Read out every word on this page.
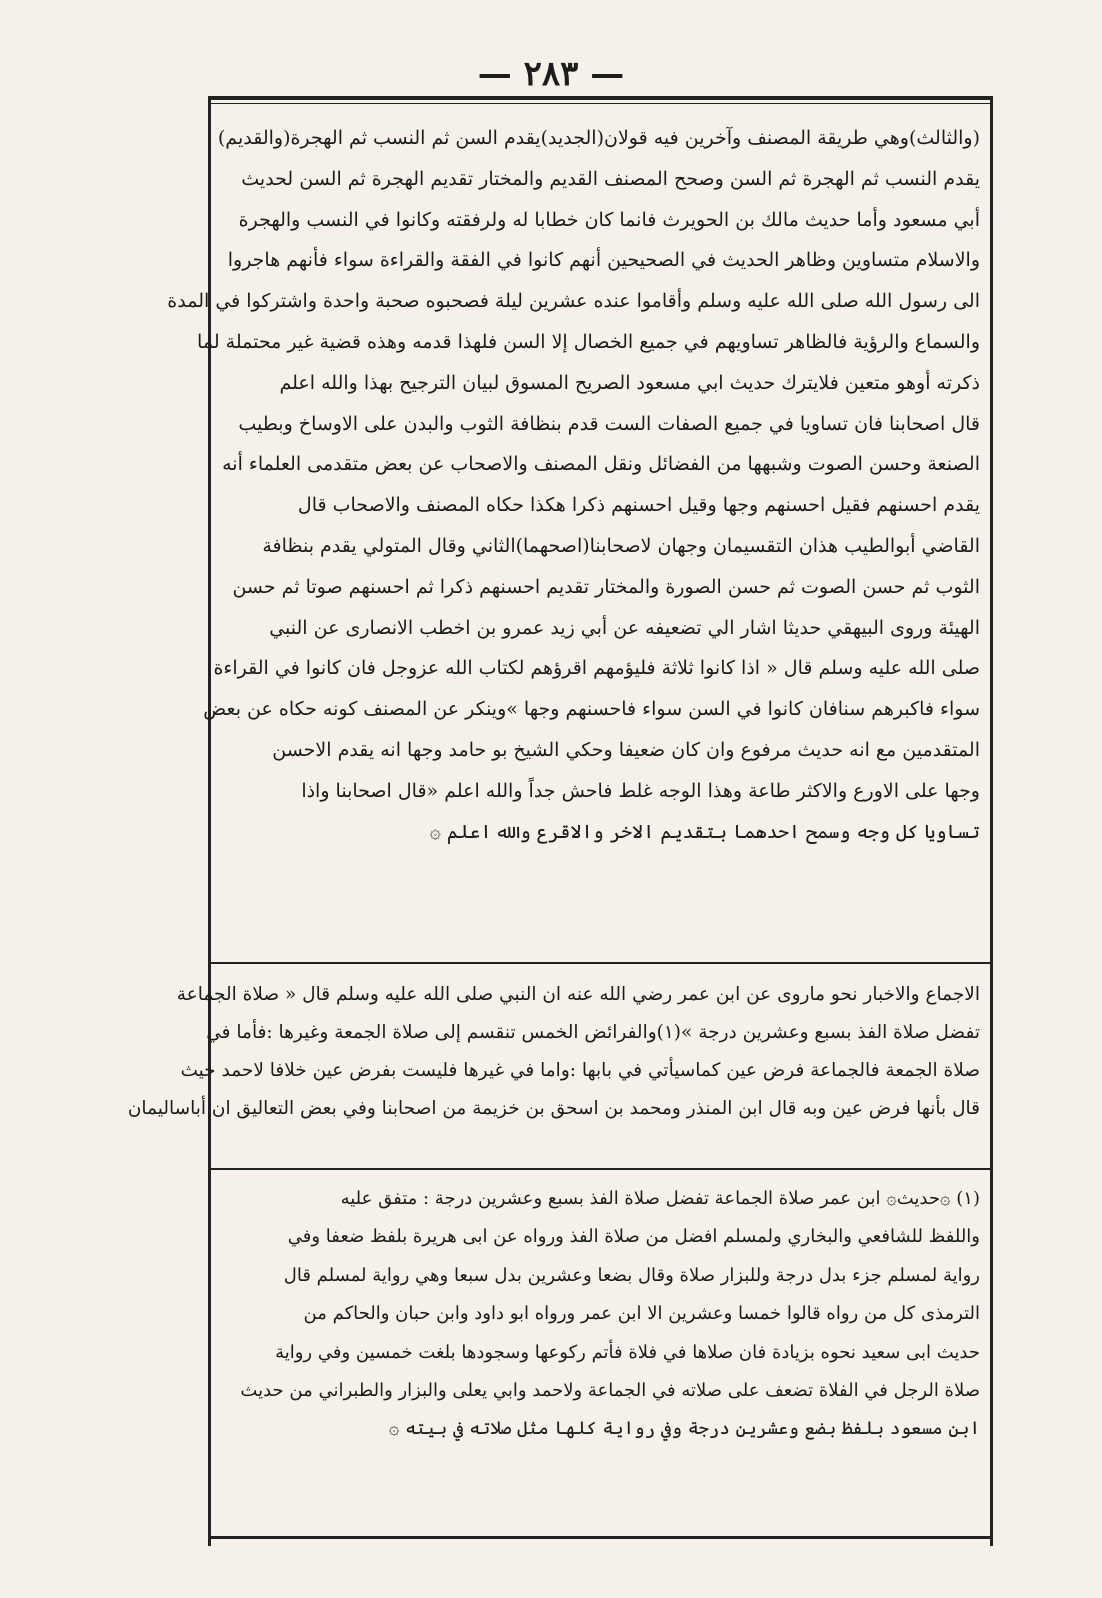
— ٢٨٣ —
(والثالث)وهي طريقة المصنف وآخرين فيه قولان(الجديد)يقدم السن ثم النسب ثم الهجرة(والقديم)
يقدم النسب ثم الهجرة ثم السن وصحح المصنف القديم والمختار تقديم الهجرة ثم السن لحديث
أبي مسعود وأما حديث مالك بن الحويرث فانما كان خطابا له ولرفقته وكانوا في النسب والهجرة
والاسلام متساوين وظاهر الحديث في الصحيحين أنهم كانوا في الفقة والقراءة سواء فأنهم هاجروا
الى رسول الله صلى الله عليه وسلم وأقاموا عنده عشرين ليلة فصحبوه صحبة واحدة واشتركوا في المدة
والسماع والرؤية فالظاهر تساويهم في جميع الخصال إلا السن فلهذا قدمه وهذه قضية غير محتملة لما
ذكرته أوهو متعين فلايترك حديث ابي مسعود الصريح المسوق لبيان الترجيح بهذا والله اعلم
قال اصحابنا فان تساويا في جميع الصفات الست قدم بنظافة الثوب والبدن على الاوساخ وبطيب
الصنعة وحسن الصوت وشبهها من الفضائل ونقل المصنف والاصحاب عن بعض متقدمى العلماء أنه
يقدم احسنهم فقيل احسنهم وجها وقيل احسنهم ذكرا هكذا حكاه المصنف والاصحاب قال
القاضي أبوالطيب هذان التقسيمان وجهان لاصحابنا(اصحهما)الثاني وقال المتولي يقدم بنظافة
الثوب ثم حسن الصوت ثم حسن الصورة والمختار تقديم احسنهم ذكرا ثم احسنهم صوتا ثم حسن
الهيئة وروى البيهقي حديثا اشار الي تضعيفه عن أبي زيد عمرو بن اخطب الانصارى عن النبي
صلى الله عليه وسلم قال « اذا كانوا ثلاثة فليؤمهم اقرؤهم لكتاب الله عزوجل فان كانوا في القراءة
سواء فاكبرهم سنافان كانوا في السن سواء فاحسنهم وجها »وينكر عن المصنف كونه حكاه عن بعض
المتقدمين مع انه حديث مرفوع وان كان ضعيفا وحكي الشيخ بو حامد وجها انه يقدم الاحسن
وجها على الاورع والاكثر طاعة وهذا الوجه غلط فاحش جداً والله اعلم «قال اصحابنا واذا
تساويا كل وجه وسمح احدهما بتقديم الاخر والاقرع والله اعلم ۞
الاجماع والاخبار نحو ماروى عن ابن عمر رضي الله عنه ان النبي صلى الله عليه وسلم قال « صلاة الجماعة
تفضل صلاة الفذ بسبع وعشرين درجة »(١)والفرائض الخمس تنقسم إلى صلاة الجمعة وغيرها :فأما في
صلاة الجمعة فالجماعة فرض عين كماسيأتي في بابها :واما في غيرها فليست بفرض عين خلافا لاحمد حيث
قال بأنها فرض عين وبه قال ابن المنذر ومحمد بن اسحق بن خزيمة من اصحابنا وفي بعض التعاليق ان أباساليمان
(١) ۞حديث۞ ابن عمر صلاة الجماعة تفضل صلاة الفذ بسبع وعشرين درجة : متفق عليه
واللفظ للشافعي والبخاري ولمسلم افضل من صلاة الفذ ورواه عن ابى هريرة بلفظ ضعفا وفي
رواية لمسلم جزء بدل درجة وللبزار صلاة وقال بضعا وعشرين بدل سبعا وهي رواية لمسلم قال
الترمذى كل من رواه قالوا خمسا وعشرين الا ابن عمر ورواه ابو داود وابن حبان والحاكم من
حديث ابى سعيد نحوه بزيادة فان صلاها في فلاة فأتم ركوعها وسجودها بلغت خمسين وفي رواية
صلاة الرجل في الفلاة تضعف على صلاته في الجماعة ولاحمد وابي يعلى والبزار والطبراني من حديث
ابن مسعود بلفظ بضع وعشرين درجة وفي رواية كلها مثل صلاته في بيته ۞
